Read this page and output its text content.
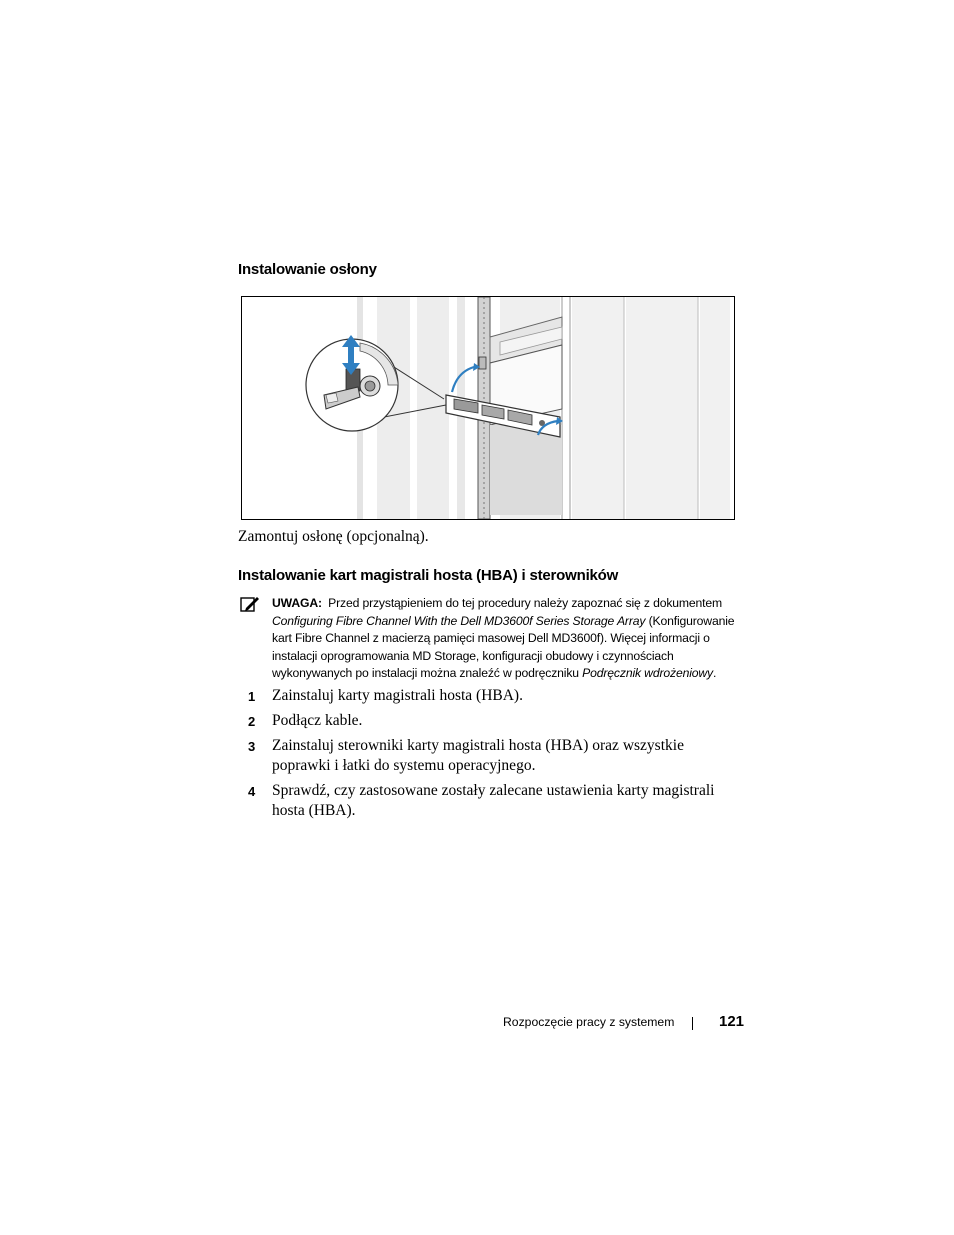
Instalowanie osłony
Zamontuj osłonę (opcjonalną).
Instalowanie kart magistrali hosta (HBA) i sterowników
UWAGA: Przed przystąpieniem do tej procedury należy zapoznać się z dokumentem Configuring Fibre Channel With the Dell MD3600f Series Storage Array (Konfigurowanie kart Fibre Channel z macierzą pamięci masowej Dell MD3600f). Więcej informacji o instalacji oprogramowania MD Storage, konfiguracji obudowy i czynnościach wykonywanych po instalacji można znaleźć w podręczniku Podręcznik wdrożeniowy.
1 Zainstaluj karty magistrali hosta (HBA).
2 Podłącz kable.
3 Zainstaluj sterowniki karty magistrali hosta (HBA) oraz wszystkie poprawki i łatki do systemu operacyjnego.
4 Sprawdź, czy zastosowane zostały zalecane ustawienia karty magistrali hosta (HBA).
Rozpoczęcie pracy z systemem	121
